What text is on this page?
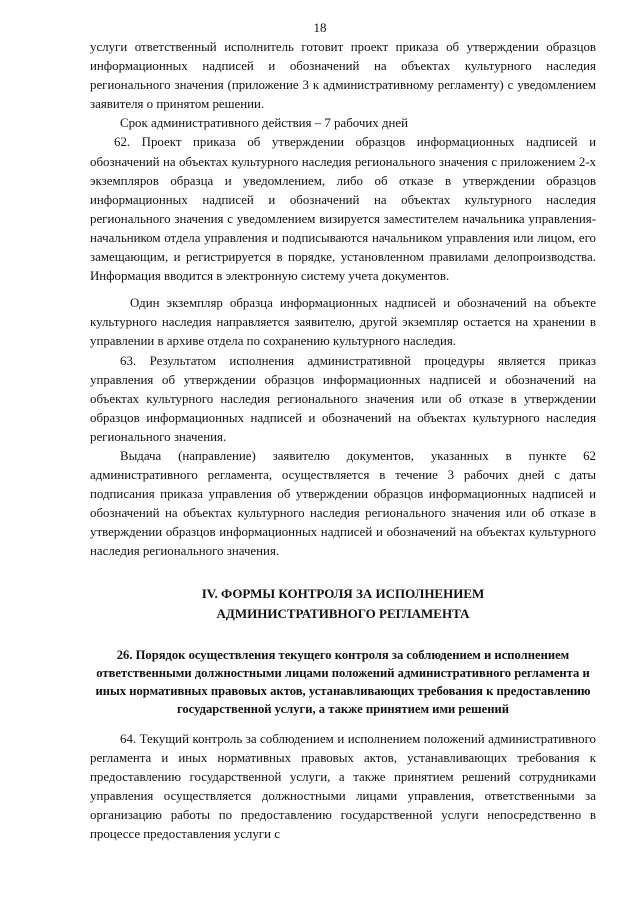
18

услуги ответственный исполнитель готовит проект приказа об утверждении образцов информационных надписей и обозначений на объектах культурного наследия регионального значения (приложение 3 к административному регламенту) с уведомлением заявителя о принятом решении.

Срок административного действия – 7 рабочих дней

62. Проект приказа об утверждении образцов информационных надписей и обозначений на объектах культурного наследия регионального значения с приложением 2-х экземпляров образца и уведомлением, либо об отказе в утверждении образцов информационных надписей и обозначений на объектах культурного наследия регионального значения с уведомлением визируется заместителем начальника управления-начальником отдела управления и подписываются начальником управления или лицом, его замещающим, и регистрируется в порядке, установленном правилами делопроизводства. Информация вводится в электронную систему учета документов.

Один экземпляр образца информационных надписей и обозначений на объекте культурного наследия направляется заявителю, другой экземпляр остается на хранении в управлении в архиве отдела по сохранению культурного наследия.

63. Результатом исполнения административной процедуры является приказ управления об утверждении образцов информационных надписей и обозначений на объектах культурного наследия регионального значения или об отказе в утверждении образцов информационных надписей и обозначений на объектах культурного наследия регионального значения.

Выдача (направление) заявителю документов, указанных в пункте 62 административного регламента, осуществляется в течение 3 рабочих дней с даты подписания приказа управления об утверждении образцов информационных надписей и обозначений на объектах культурного наследия регионального значения или об отказе в утверждении образцов информационных надписей и обозначений на объектах культурного наследия регионального значения.

IV. ФОРМЫ КОНТРОЛЯ ЗА ИСПОЛНЕНИЕМ
АДМИНИСТРАТИВНОГО РЕГЛАМЕНТА

26. Порядок осуществления текущего контроля за соблюдением и исполнением ответственными должностными лицами положений административного регламента и иных нормативных правовых актов, устанавливающих требования к предоставлению государственной услуги, а также принятием ими решений

64. Текущий контроль за соблюдением и исполнением положений административного регламента и иных нормативных правовых актов, устанавливающих требования к предоставлению государственной услуги, а также принятием решений сотрудниками управления осуществляется должностными лицами управления, ответственными за организацию работы по предоставлению государственной услуги непосредственно в процессе предоставления услуги с
